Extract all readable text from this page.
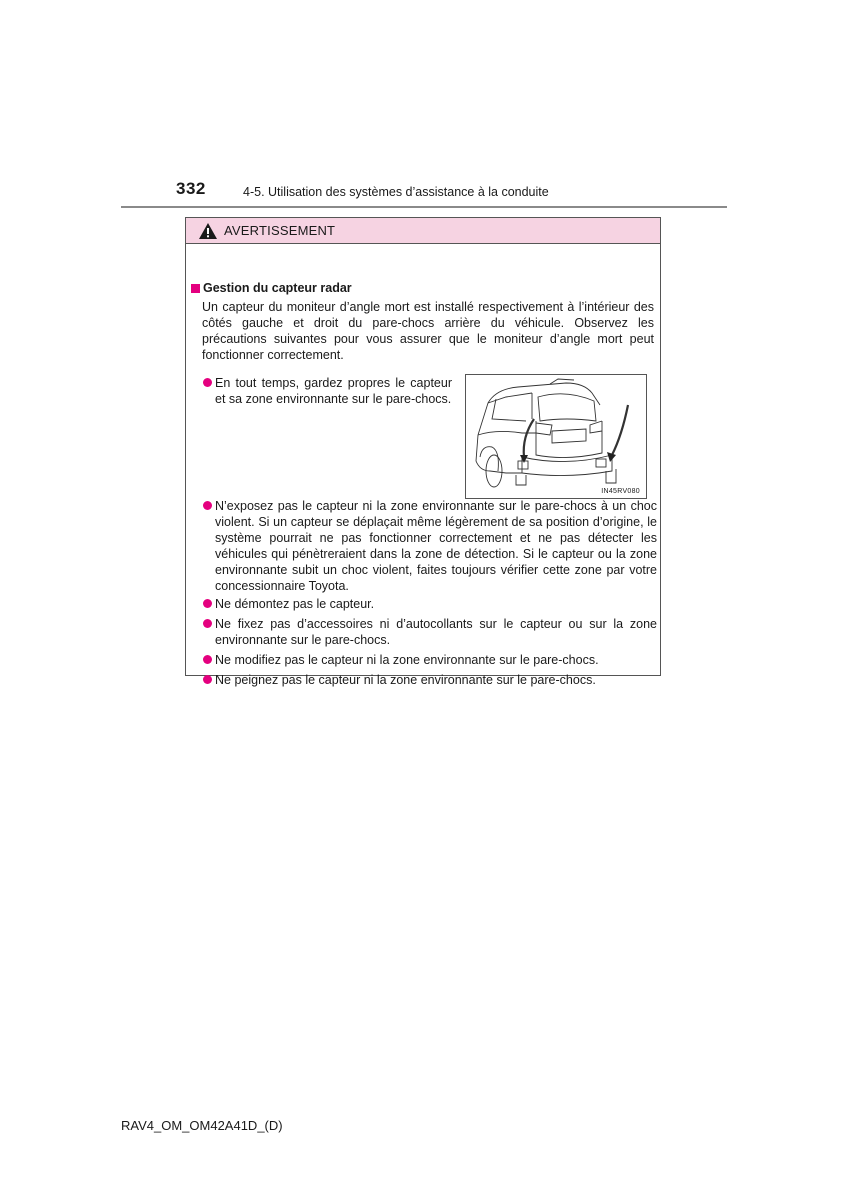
332	4-5. Utilisation des systèmes d’assistance à la conduite
AVERTISSEMENT
Gestion du capteur radar
Un capteur du moniteur d’angle mort est installé respectivement à l’intérieur des côtés gauche et droit du pare-chocs arrière du véhicule. Observez les précautions suivantes pour vous assurer que le moniteur d’angle mort peut fonctionner correctement.
En tout temps, gardez propres le capteur et sa zone environnante sur le pare-chocs.
IN45RV080
N’exposez pas le capteur ni la zone environnante sur le pare-chocs à un choc violent. Si un capteur se déplaçait même légèrement de sa position d’origine, le système pourrait ne pas fonctionner correctement et ne pas détecter les véhicules qui pénètreraient dans la zone de détection. Si le capteur ou la zone environnante subit un choc violent, faites toujours vérifier cette zone par votre concessionnaire Toyota.
Ne démontez pas le capteur.
Ne fixez pas d’accessoires ni d’autocollants sur le capteur ou sur la zone environnante sur le pare-chocs.
Ne modifiez pas le capteur ni la zone environnante sur le pare-chocs.
Ne peignez pas le capteur ni la zone environnante sur le pare-chocs.
RAV4_OM_OM42A41D_(D)
